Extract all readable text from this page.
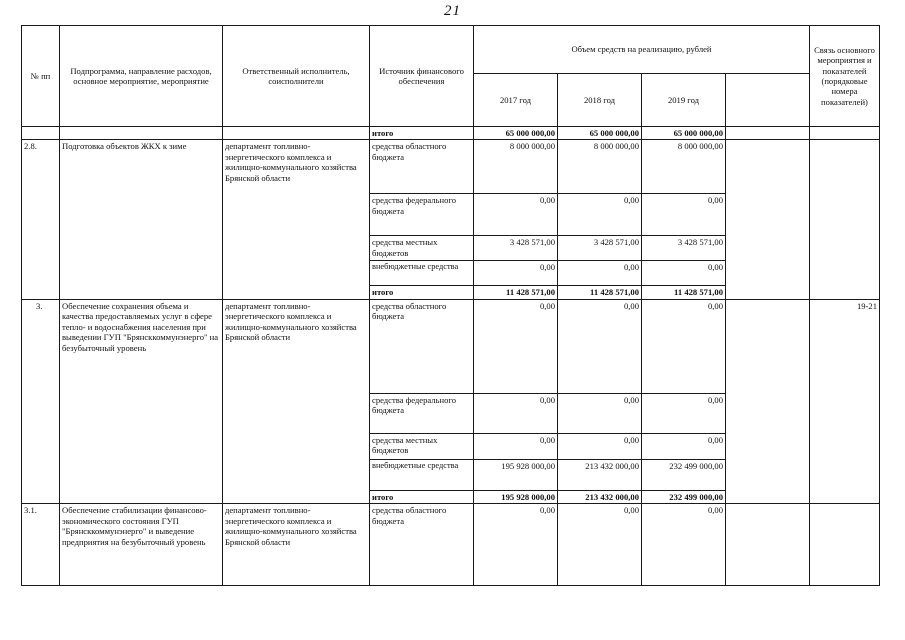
21
№ пп	Подпрограмма, направление расходов, основное мероприятие, мероприятие	Ответственный исполнитель, соисполнители	Источник финансового обеспечения	Объем средств на реализацию, рублей				Связь основного мероприятия и показателей (порядковые номера показателей)
				2017 год	2018 год	2019 год		
			итого	65 000 000,00	65 000 000,00	65 000 000,00		
2.8.	Подготовка объектов ЖКХ к зиме	департамент топливно-энергетического комплекса и жилищно-коммунального хозяйства Брянской области	средства областного бюджета	8 000 000,00	8 000 000,00	8 000 000,00		
			средства федерального бюджета	0,00	0,00	0,00		
			средства местных бюджетов	3 428 571,00	3 428 571,00	3 428 571,00		
			внебюджетные средства	0,00	0,00	0,00		
			итого	11 428 571,00	11 428 571,00	11 428 571,00		
3.	Обеспечение сохранения объема и качества предоставляемых услуг в сфере тепло- и водоснабжения населения при выведении ГУП "Брянсккоммунэнерго" на безубыточный уровень	департамент топливно-энергетического комплекса и жилищно-коммунального хозяйства Брянской области	средства областного бюджета	0,00	0,00	0,00		19-21
			средства федерального бюджета	0,00	0,00	0,00		
			средства местных бюджетов	0,00	0,00	0,00		
			внебюджетные средства	195 928 000,00	213 432 000,00	232 499 000,00		
			итого	195 928 000,00	213 432 000,00	232 499 000,00		
3.1.	Обеспечение стабилизации финансово- экономического состояния ГУП "Брянсккоммунэнерго" и выведение предприятия на безубыточный уровень	департамент топливно-энергетического комплекса и жилищно-коммунального хозяйства Брянской области	средства областного бюджета	0,00	0,00	0,00		
